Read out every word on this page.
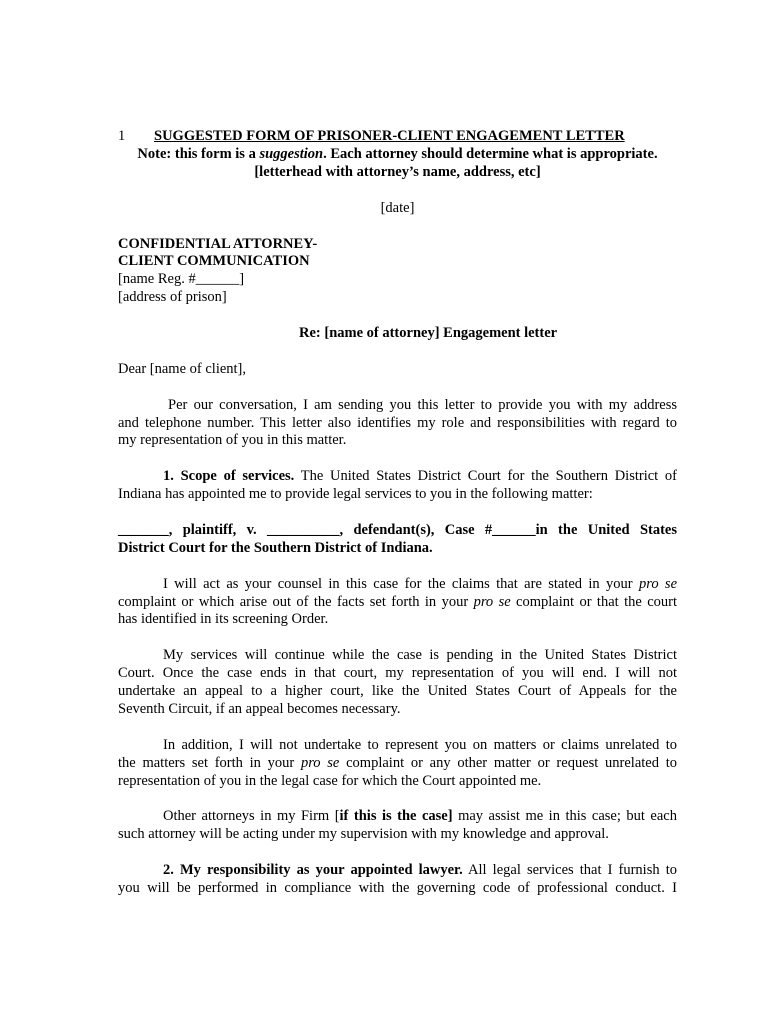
1 SUGGESTED FORM OF PRISONER-CLIENT ENGAGEMENT LETTER
Note: this form is a suggestion. Each attorney should determine what is appropriate.
[letterhead with attorney’s name, address, etc]
[date]
CONFIDENTIAL ATTORNEY-
CLIENT COMMUNICATION
[name Reg. #______]
[address of prison]
Re: [name of attorney] Engagement letter
Dear [name of client],
Per our conversation, I am sending you this letter to provide you with my address
and telephone number. This letter also identifies my role and responsibilities with regard to
my representation of you in this matter.
1. Scope of services. The United States District Court for the Southern District of
Indiana has appointed me to provide legal services to you in the following matter:
_______, plaintiff, v. __________, defendant(s), Case #______in the United States
District Court for the Southern District of Indiana.
I will act as your counsel in this case for the claims that are stated in your pro se
complaint or which arise out of the facts set forth in your pro se complaint or that the court
has identified in its screening Order.
My services will continue while the case is pending in the United States District
Court. Once the case ends in that court, my representation of you will end. I will not
undertake an appeal to a higher court, like the United States Court of Appeals for the
Seventh Circuit, if an appeal becomes necessary.
In addition, I will not undertake to represent you on matters or claims unrelated to
the matters set forth in your pro se complaint or any other matter or request unrelated to
representation of you in the legal case for which the Court appointed me.
Other attorneys in my Firm [if this is the case] may assist me in this case; but each
such attorney will be acting under my supervision with my knowledge and approval.
2. My responsibility as your appointed lawyer. All legal services that I furnish to
you will be performed in compliance with the governing code of professional conduct. I
